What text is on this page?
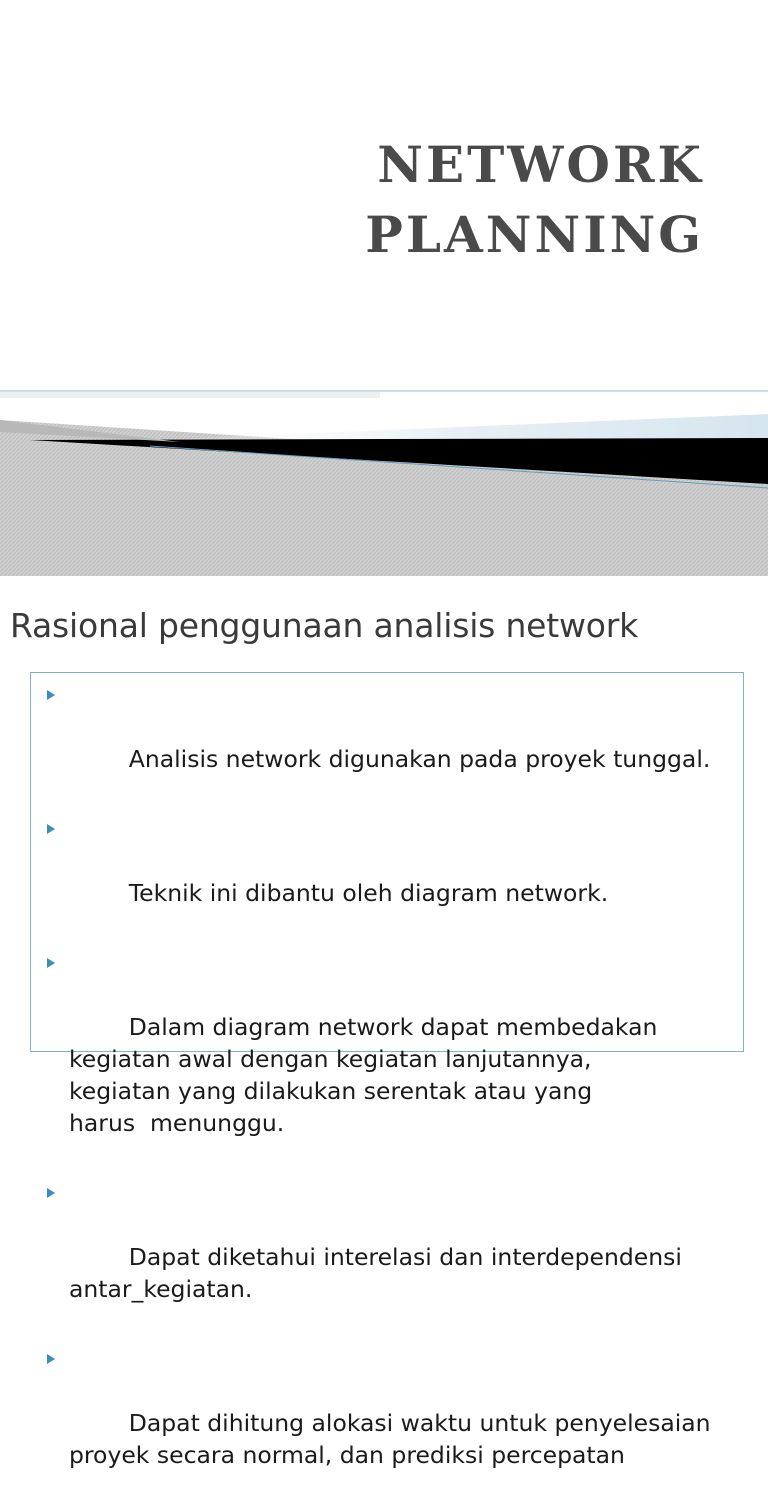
NETWORK
PLANNING
Rasional penggunaan analisis network

Analisis network digunakan pada proyek tunggal.

Teknik ini dibantu oleh diagram network.

Dalam diagram network dapat membedakan
kegiatan awal dengan kegiatan lanjutannya,
kegiatan yang dilakukan serentak atau yang
harus  menunggu.

Dapat diketahui interelasi dan interdependensi
antar_kegiatan.

Dapat dihitung alokasi waktu untuk penyelesaian
proyek secara normal, dan prediksi percepatan
